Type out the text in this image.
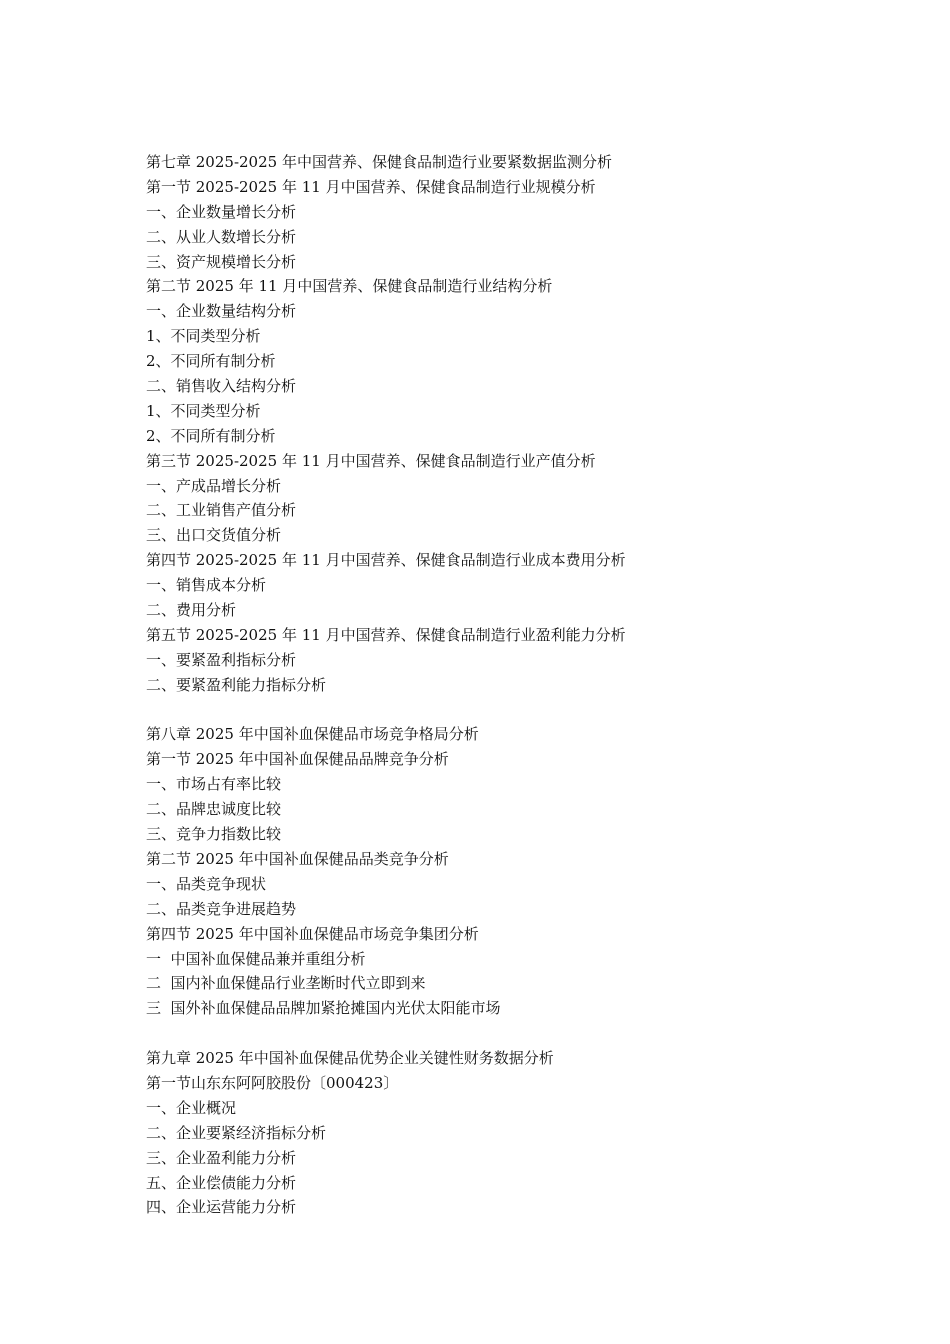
第七章 2025-2025 年中国营养、保健食品制造行业要紧数据监测分析
第一节 2025-2025 年 11 月中国营养、保健食品制造行业规模分析
一、企业数量增长分析
二、从业人数增长分析
三、资产规模增长分析
第二节 2025 年 11 月中国营养、保健食品制造行业结构分析
一、企业数量结构分析
1、不同类型分析
2、不同所有制分析
二、销售收入结构分析
1、不同类型分析
2、不同所有制分析
第三节 2025-2025 年 11 月中国营养、保健食品制造行业产值分析
一、产成品增长分析
二、工业销售产值分析
三、出口交货值分析
第四节 2025-2025 年 11 月中国营养、保健食品制造行业成本费用分析
一、销售成本分析
二、费用分析
第五节 2025-2025 年 11 月中国营养、保健食品制造行业盈利能力分析
一、要紧盈利指标分析
二、要紧盈利能力指标分析
第八章 2025 年中国补血保健品市场竞争格局分析
第一节 2025 年中国补血保健品品牌竞争分析
一、市场占有率比较
二、品牌忠诚度比较
三、竞争力指数比较
第二节 2025 年中国补血保健品品类竞争分析
一、品类竞争现状
二、品类竞争进展趋势
第四节 2025 年中国补血保健品市场竞争集团分析
一  中国补血保健品兼并重组分析
二  国内补血保健品行业垄断时代立即到来
三  国外补血保健品品牌加紧抢摊国内光伏太阳能市场
第九章 2025 年中国补血保健品优势企业关键性财务数据分析
第一节山东东阿阿胶股份〔000423〕
一、企业概况
二、企业要紧经济指标分析
三、企业盈利能力分析
五、企业偿债能力分析
四、企业运营能力分析
